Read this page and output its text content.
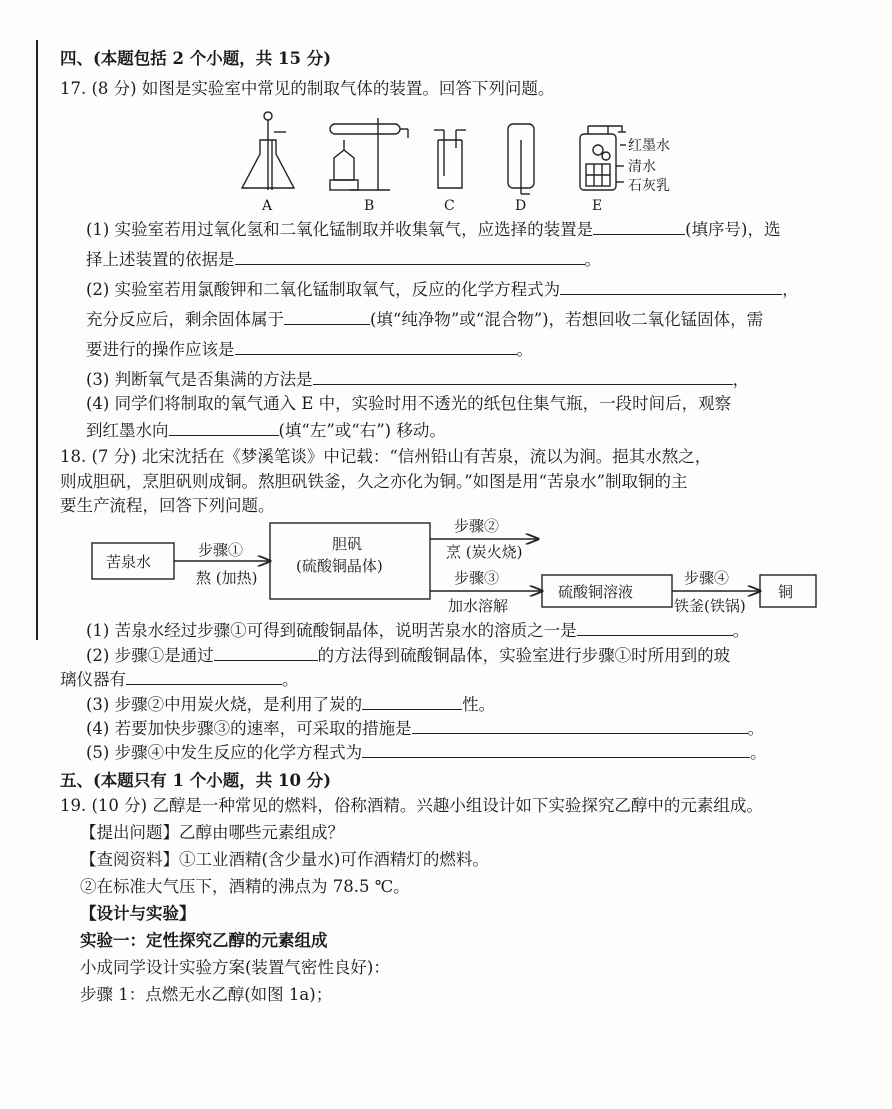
四、(本题包括 2 个小题，共 15 分)
17. (8 分) 如图是实验室中常见的制取气体的装置。回答下列问题。
A	B	C	D	E
红墨水
清水
石灰乳
(1) 实验室若用过氧化氢和二氧化锰制取并收集氧气，应选择的装置是	(填序号)，选
择上述装置的依据是	。
(2) 实验室若用氯酸钾和二氧化锰制取氧气，反应的化学方程式为	，
充分反应后，剩余固体属于	(填“纯净物”或“混合物”)，若想回收二氧化锰固体，需
要进行的操作应该是	。
(3) 判断氧气是否集满的方法是	，
(4) 同学们将制取的氧气通入 E 中，实验时用不透光的纸包住集气瓶，一段时间后，观察
到红墨水向	(填“左”或“右”) 移动。
18. (7 分) 北宋沈括在《梦溪笔谈》中记载：“信州铅山有苦泉，流以为涧。挹其水熬之，
则成胆矾，烹胆矾则成铜。熬胆矾铁釜，久之亦化为铜。”如图是用“苦泉水”制取铜的主
要生产流程，回答下列问题。
苦泉水
步骤①
熬 (加热)
胆矾
(硫酸铜晶体)
步骤②
烹 (炭火烧)
步骤③
加水溶解
硫酸铜溶液
步骤④
铁釜(铁锅)
铜
(1) 苦泉水经过步骤①可得到硫酸铜晶体，说明苦泉水的溶质之一是	。
(2) 步骤①是通过	的方法得到硫酸铜晶体，实验室进行步骤①时所用到的玻
璃仪器有	。
(3) 步骤②中用炭火烧，是利用了炭的	性。
(4) 若要加快步骤③的速率，可采取的措施是	。
(5) 步骤④中发生反应的化学方程式为	。
五、(本题只有 1 个小题，共 10 分)
19. (10 分) 乙醇是一种常见的燃料，俗称酒精。兴趣小组设计如下实验探究乙醇中的元素组成。
【提出问题】乙醇由哪些元素组成？
【查阅资料】①工业酒精(含少量水)可作酒精灯的燃料。
②在标准大气压下，酒精的沸点为 78.5 ℃。
【设计与实验】
实验一：定性探究乙醇的元素组成
小成同学设计实验方案(装置气密性良好)：
步骤 1：点燃无水乙醇(如图 1a)；
